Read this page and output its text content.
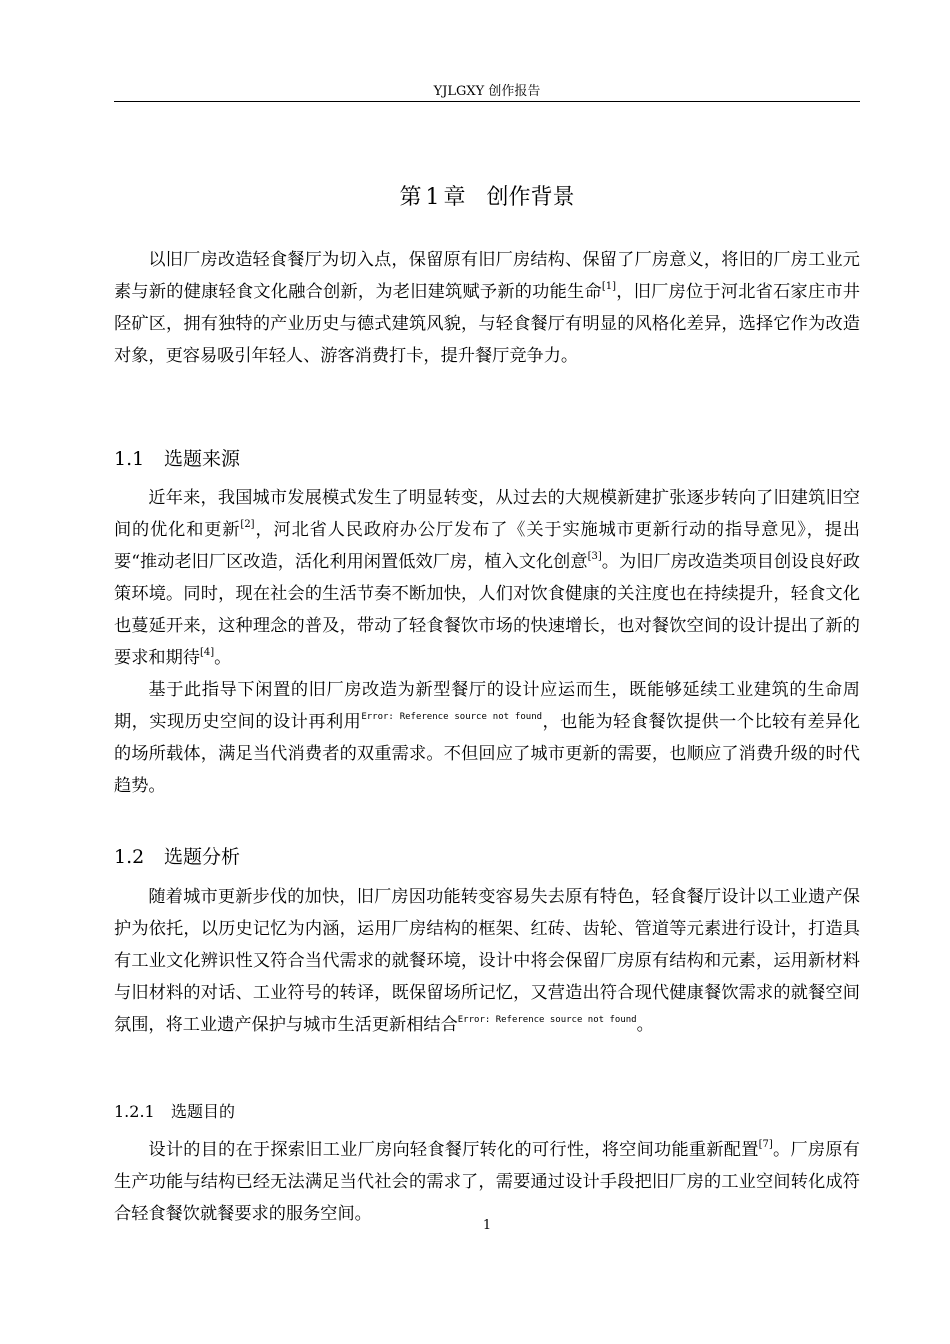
YJLGXY 创作报告
第 1 章 创作背景

以旧厂房改造轻食餐厅为切入点，保留原有旧厂房结构、保留了厂房意义，将旧的厂房工业元素与新的健康轻食文化融合创新，为老旧建筑赋予新的功能生命[1]，旧厂房位于河北省石家庄市井陉矿区，拥有独特的产业历史与德式建筑风貌，与轻食餐厅有明显的风格化差异，选择它作为改造对象，更容易吸引年轻人、游客消费打卡，提升餐厅竞争力。

1.1 选题来源

近年来，我国城市发展模式发生了明显转变，从过去的大规模新建扩张逐步转向了旧建筑旧空间的优化和更新[2]，河北省人民政府办公厅发布了《关于实施城市更新行动的指导意见》，提出要“推动老旧厂区改造，活化利用闲置低效厂房，植入文化创意[3]。为旧厂房改造类项目创设良好政策环境。同时，现在社会的生活节奏不断加快，人们对饮食健康的关注度也在持续提升，轻食文化也蔓延开来，这种理念的普及，带动了轻食餐饮市场的快速增长，也对餐饮空间的设计提出了新的要求和期待[4]。

基于此指导下闲置的旧厂房改造为新型餐厅的设计应运而生，既能够延续工业建筑的生命周期，实现历史空间的设计再利用$^{Error: Reference source not found}$，也能为轻食餐饮提供一个比较有差异化的场所载体，满足当代消费者的双重需求。不但回应了城市更新的需要，也顺应了消费升级的时代趋势。

1.2 选题分析

随着城市更新步伐的加快，旧厂房因功能转变容易失去原有特色，轻食餐厅设计以工业遗产保护为依托，以历史记忆为内涵，运用厂房结构的框架、红砖、齿轮、管道等元素进行设计，打造具有工业文化辨识性又符合当代需求的就餐环境，设计中将会保留厂房原有结构和元素，运用新材料与旧材料的对话、工业符号的转译，既保留场所记忆，又营造出符合现代健康餐饮需求的就餐空间氛围，将工业遗产保护与城市生活更新相结合$^{Error: Reference source not found}$。

1.2.1 选题目的

设计的目的在于探索旧工业厂房向轻食餐厅转化的可行性，将空间功能重新配置[7]。厂房原有生产功能与结构已经无法满足当代社会的需求了，需要通过设计手段把旧厂房的工业空间转化成符合轻食餐饮就餐要求的服务空间。

1
